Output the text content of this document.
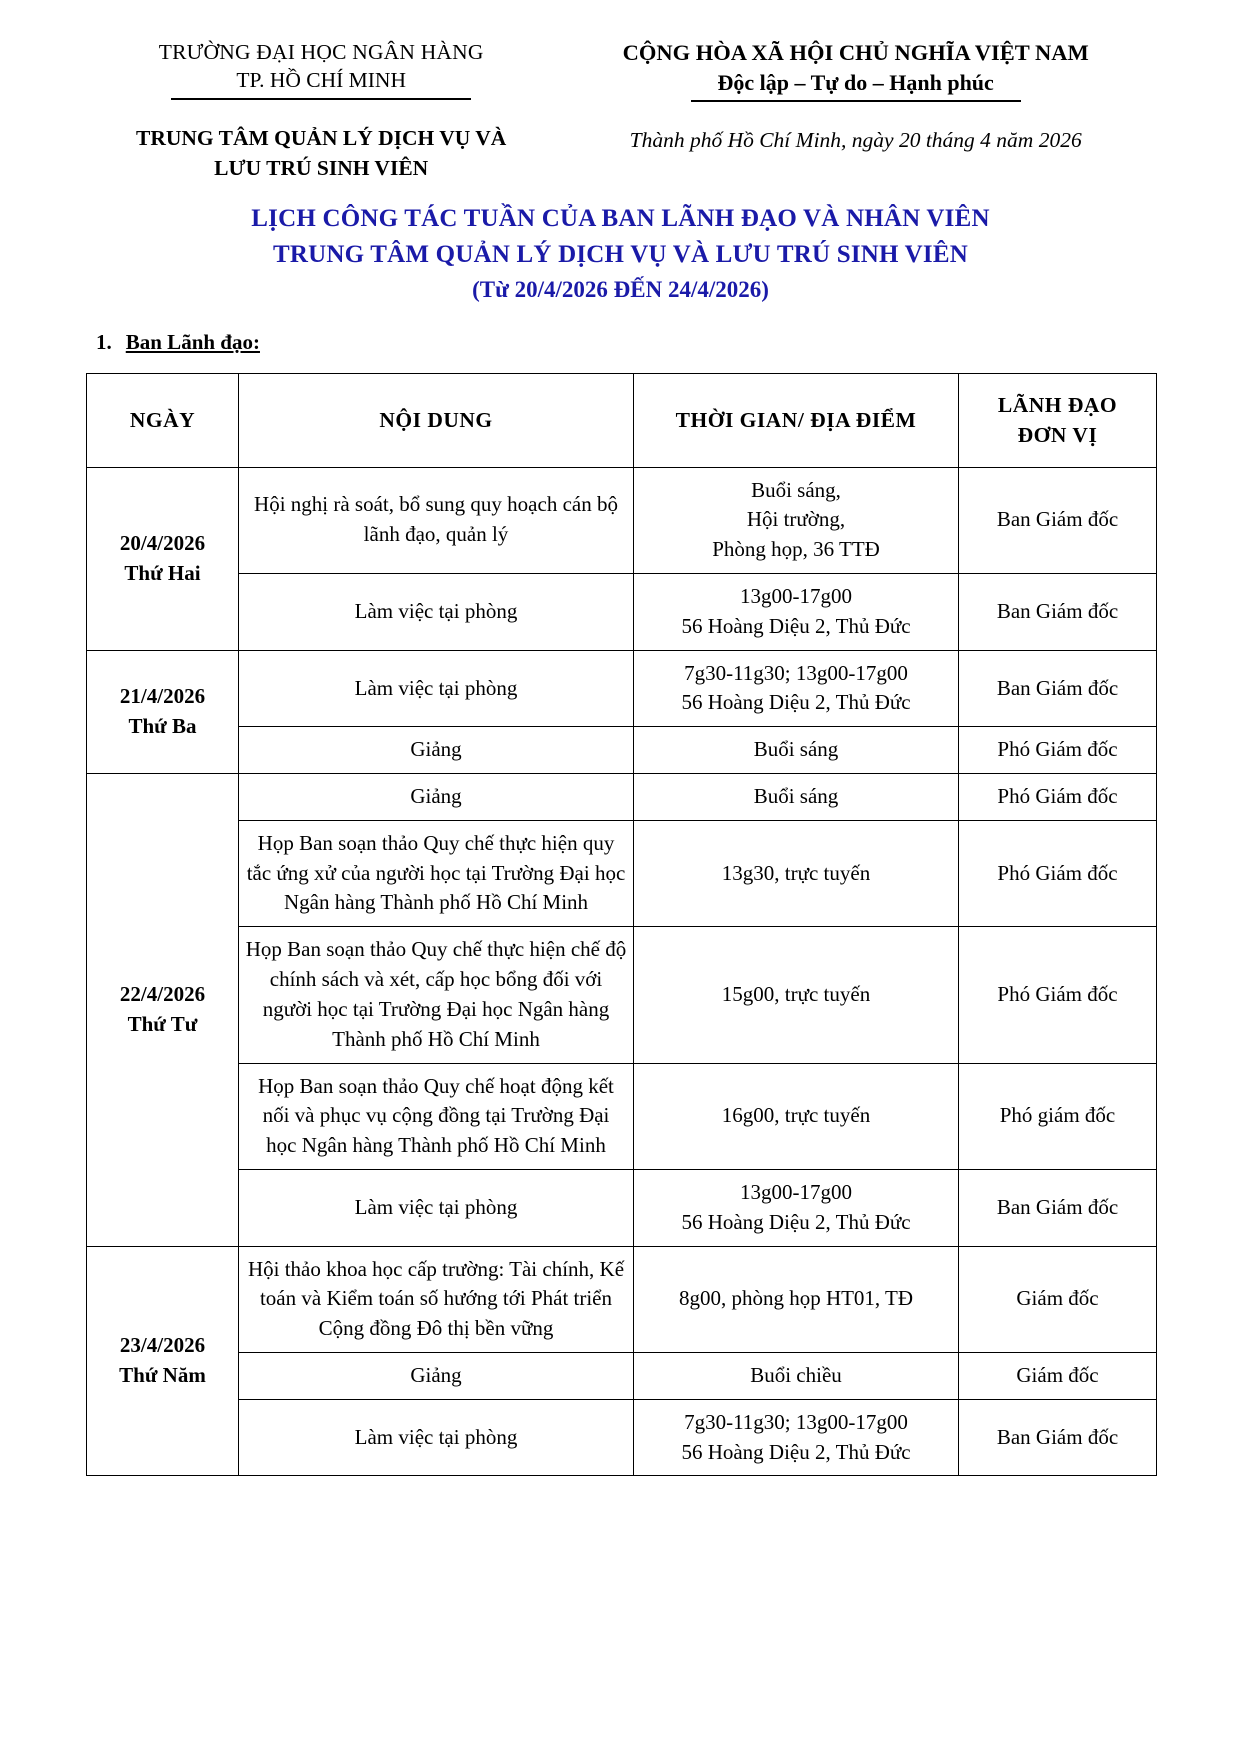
TRƯỜNG ĐẠI HỌC NGÂN HÀNG
TP. HỒ CHÍ MINH
CỘNG HÒA XÃ HỘI CHỦ NGHĨA VIỆT NAM
Độc lập – Tự do – Hạnh phúc
TRUNG TÂM QUẢN LÝ DỊCH VỤ VÀ
LƯU TRÚ SINH VIÊN
Thành phố Hồ Chí Minh, ngày 20 tháng 4 năm 2026
LỊCH CÔNG TÁC TUẦN CỦA BAN LÃNH ĐẠO VÀ NHÂN VIÊN
TRUNG TÂM QUẢN LÝ DỊCH VỤ VÀ LƯU TRÚ SINH VIÊN
(Từ 20/4/2026 ĐẾN 24/4/2026)
1. Ban Lãnh đạo:
NGÀY	NỘI DUNG	THỜI GIAN/ ĐỊA ĐIỂM	LÃNH ĐẠO
ĐƠN VỊ
20/4/2026
Thứ Hai	Hội nghị rà soát, bổ sung quy hoạch cán bộ lãnh đạo, quản lý	Buổi sáng,
Hội trường,
Phòng họp, 36 TTĐ	Ban Giám đốc
	Làm việc tại phòng	13g00-17g00
56 Hoàng Diệu 2, Thủ Đức	Ban Giám đốc
21/4/2026
Thứ Ba	Làm việc tại phòng	7g30-11g30; 13g00-17g00
56 Hoàng Diệu 2, Thủ Đức	Ban Giám đốc
	Giảng	Buổi sáng	Phó Giám đốc
22/4/2026
Thứ Tư	Giảng	Buổi sáng	Phó Giám đốc
	Họp Ban soạn thảo Quy chế thực hiện quy tắc ứng xử của người học tại Trường Đại học Ngân hàng Thành phố Hồ Chí Minh	13g30, trực tuyến	Phó Giám đốc
	Họp Ban soạn thảo Quy chế thực hiện chế độ chính sách và xét, cấp học bổng đối với người học tại Trường Đại học Ngân hàng Thành phố Hồ Chí Minh	15g00, trực tuyến	Phó Giám đốc
	Họp Ban soạn thảo Quy chế hoạt động kết nối và phục vụ cộng đồng tại Trường Đại học Ngân hàng Thành phố Hồ Chí Minh	16g00, trực tuyến	Phó giám đốc
	Làm việc tại phòng	13g00-17g00
56 Hoàng Diệu 2, Thủ Đức	Ban Giám đốc
23/4/2026
Thứ Năm	Hội thảo khoa học cấp trường: Tài chính, Kế toán và Kiểm toán số hướng tới Phát triển Cộng đồng Đô thị bền vững	8g00, phòng họp HT01, TĐ	Giám đốc
	Giảng	Buổi chiều	Giám đốc
	Làm việc tại phòng	7g30-11g30; 13g00-17g00
56 Hoàng Diệu 2, Thủ Đức	Ban Giám đốc
